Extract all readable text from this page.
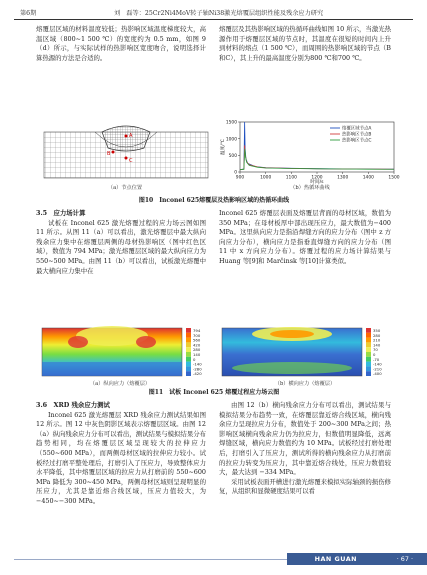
第6期	刘　磊等：25Cr2Ni4MoV转子轴Ni38激光熔覆层组织性能及残余应力研究

熔覆层区域的材料温度较低；热影响区域温度梯度较大，高温区域（800~1 500 ℃）的宽度约为 0.5 mm，如图 9（d）所示，与实际试样的热影响区宽度吻合，说明选择计算热源的方法是合适的。

熔覆层及其热影响区域的热循环曲线如图 10 所示，当激光热源作用于熔覆层区域的节点时，其温度在很短的时间内上升到材料的熔点（1 500 ℃），而周围的热影响区域的节点（B和C），其上升的最高温度分别为800 ℃和700 ℃。

A
B
C
（a）节点位置
0
500
1000
1500
900	1000	1100	1200	1300	1400	1500
温度/℃
时间/s
熔覆区域节点A
热影响区节点B
热影响区节点C
（b）热循环曲线
图10　Inconel 625熔覆层及热影响区域的热循环曲线

3.5　应力场计算

试板在 Inconel 625 激光熔覆过程的应力场云图如图 11 所示。从图 11（a）可以看出，激光熔覆层中最大纵向残余应力集中在熔覆层两侧的母材热影响区（图中红色区域），数值为 794 MPa；激光熔覆层区域的最大纵向应力为 550~500 MPa。由图 11（b）可以看出，试板激光熔覆中最大横向应力集中在

Inconel 625 熔覆层表面及熔覆层背面的母材区域，数值为 350 MPa；在母材板厚中部出现压应力，最大数值为−400 MPa。这里纵向应力是指沿焊缝方向的应力分布（图中 z 方向应力分布），横向应力是指垂直焊缝方向的应力分布（图 11 中 x 方向应力分布）。熔覆过程的应力场计算结果与 Huang 等[9]和 Marčinsk 等[10]计算类似。

794
700
560
420
280
140
0
-140
-280
-420
（a）纵向应力（熔覆层）
350
280
210
140
70
0
-70
-140
-210
-400
（b）横向应力（熔覆层）
图11　试板 Inconel 625 熔覆过程应力场云图

3.6　XRD 残余应力测试

Inconel 625 激光熔覆层 XRD 残余应力测试结果如图 12 所示。图 12 中灰色阴影区域表示熔覆层区域。由图 12（a）纵向残余应力分布可以看出，测试结果与模拟结果分布趋势相同，均在熔覆层区域呈现较大的拉伸应力（550~600 MPa），而两侧母材区域的拉伸应力较小。试板经过打磨平整处理后，打磨引入了压应力，导致整体应力水平降低，其中熔覆层区域的拉应力从打磨前的 550~600 MPa 降低为 300~450 MPa，两侧母材区域则呈现明显的压应力，尤其是靠近熔合线区域，压应力值较大，为−450~−300 MPa。

由图 12（b）横向残余应力分布可以看出，测试结果与模拟结果分布趋势一致，在熔覆层靠近熔合线区域，横向残余应力呈现拉应力分布，数值处于 200~300 MPa之间；热影响区域横向残余应力仍为拉应力，但数值明显降低，远离焊缝区域，横向应力数值约为 10 MPa。试板经过打磨处理后，打磨引入了压应力，测试所得的横向残余应力从打磨前的拉应力转变为压应力，其中靠近熔合线处，压应力数值较大，最大达到 −334 MPa。

采用试板表面开槽进行激光熔覆来模拟实际轴颈的损伤修复，从组织和显微硬度结果可以看

HAN GUAN	· 67 ·
